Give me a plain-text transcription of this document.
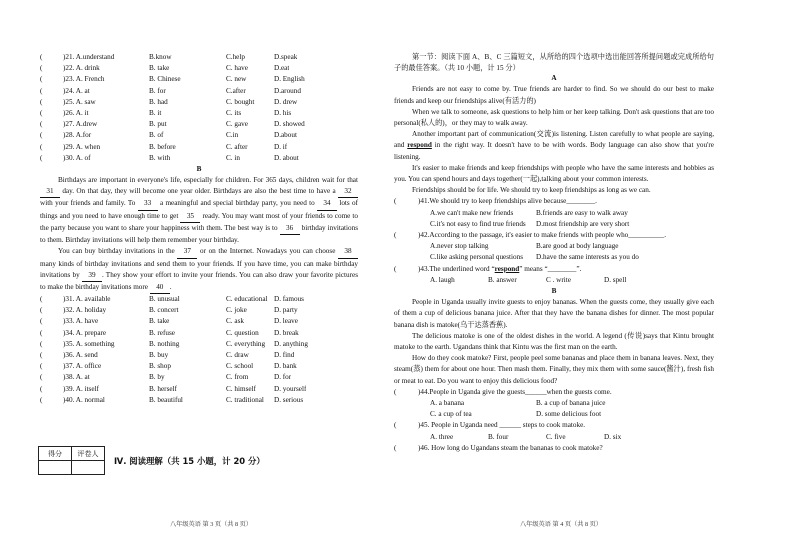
(	)21. A.understand	B.know	C.help	D.speak
(	)22. A. drink	B. take	C. have	D.eat
(	)23. A. French	B. Chinese	C. new	D. English
(	)24. A. at	B. for	C.after	D.around
(	)25. A. saw	B. had	C. bought	D. drew
(	)26. A. it	B. it	C. its	D. his
(	)27. A.drew	B. put	C. gave	D. showed
(	)28. A.for	B. of	C.in	D.about
(	)29. A. when	B. before	C. after	D. if
(	)30. A. of	B. with	C. in	D. about
B
Birthdays are important in everyone's life, especially for children. For 365 days, children wait for that 31 day. On that day, they will become one year older. Birthdays are also the best time to have a 32 with your friends and family. To 33 a meaningful and special birthday party, you need to 34 lots of things and you need to have enough time to get 35 ready. You may want most of your friends to come to the party because you want to share your happiness with them. The best way is to 36 birthday invitations to them. Birthday invitations will help them remember your birthday.
You can buy birthday invitations in the 37 or on the Internet. Nowadays you can choose 38 many kinds of birthday invitations and send them to your friends. If you have time, you can make birthday invitations by 39 . They show your effort to invite your friends. You can also draw your favorite pictures to make the birthday invitations more 40 .
(	)31. A. available	B. unusual	C. educational D. famous
(	)32. A. holiday	B. concert	C. joke	D. party
(	)33. A. have	B. take	C. ask	D. leave
(	)34. A. prepare	B. refuse	C. question	D. break
(	)35. A. something	B. nothing	C. everything	D. anything
(	)36. A. send	B. buy	C. draw	D. find
(	)37. A. office	B. shop	C. school	D. bank
(	)38. A. at	B. by	C. from	D. for
(	)39. A. itself	B. herself	C. himself	D. yourself
(	)40. A. normal	B. beautiful	C. traditional	D. serious
得分	评卷人

Ⅳ. 阅读理解（共 15 小题，计 20 分）
第一节：阅读下面 A、B、C 三篇短文，从所给的四个选项中选出能回答所提问题或完成所给句子的最佳答案。（共 10 小题，计 15 分）
A
Friends are not easy to come by. True friends are harder to find. So we should do our best to make friends and keep our friendships alive(有活力的)
When we talk to someone, ask questions to help him or her keep talking. Don't ask questions that are too personal(私人的)，or they may to walk away.
Another important part of communication(交流)is listening. Listen carefully to what people are saying, and respond in the right way. It doesn't have to be with words. Body language can also show that you're listening.
It's easier to make friends and keep friendships with people who have the same interests and hobbies as you. You can spend hours and days together(一起),talking about your common interests.
Friendships should be for life. We should try to keep friendships as long as we can.
(	)41.We should try to keep friendships alive because________.
A.we can't make new friends	B.friends are easy to walk away
C.it's not easy to find true friends	D.most friendship are very short
(	)42.According to the passage, it's easier to make friends with people who__________.
A.never stop talking	B.are good at body language
C.like asking personal questions	D.have the same interests as you do
(	)43.The underlined word “ respond ” means “________”.
A. laugh	B. answer	C . write	D. spell
B
People in Uganda usually invite guests to enjoy bananas. When the guests come, they usually give each of them a cup of delicious banana juice. After that they have the banana dishes for dinner. The most popular banana dish is matoke(乌干达蒸香蕉).
The delicious matoke is one of the oldest dishes in the world. A legend (传说)says that Kintu brought matoke to the earth. Ugandans think that Kintu was the first man on the earth.
How do they cook matoke? First, people peel some bananas and place them in banana leaves. Next, they steam(蒸) them for about one hour. Then mash them. Finally, they mix them with some sauce(酱汁), fresh fish or meat to eat. Do you want to enjoy this delicious food?
(	)44.People in Uganda give the guests______when the guests come.
A. a banana	B. a cup of banana juice
C. a cup of tea	D. some delicious foot
(	)45. People in Uganda need ______ steps to cook matoke.
A. three	B. four	C. five	D. six
(	)46. How long do Ugandans steam the bananas to cook matoke?
八年级英语 第 3 页（共 8 页）	八年级英语 第 4 页（共 8 页）
